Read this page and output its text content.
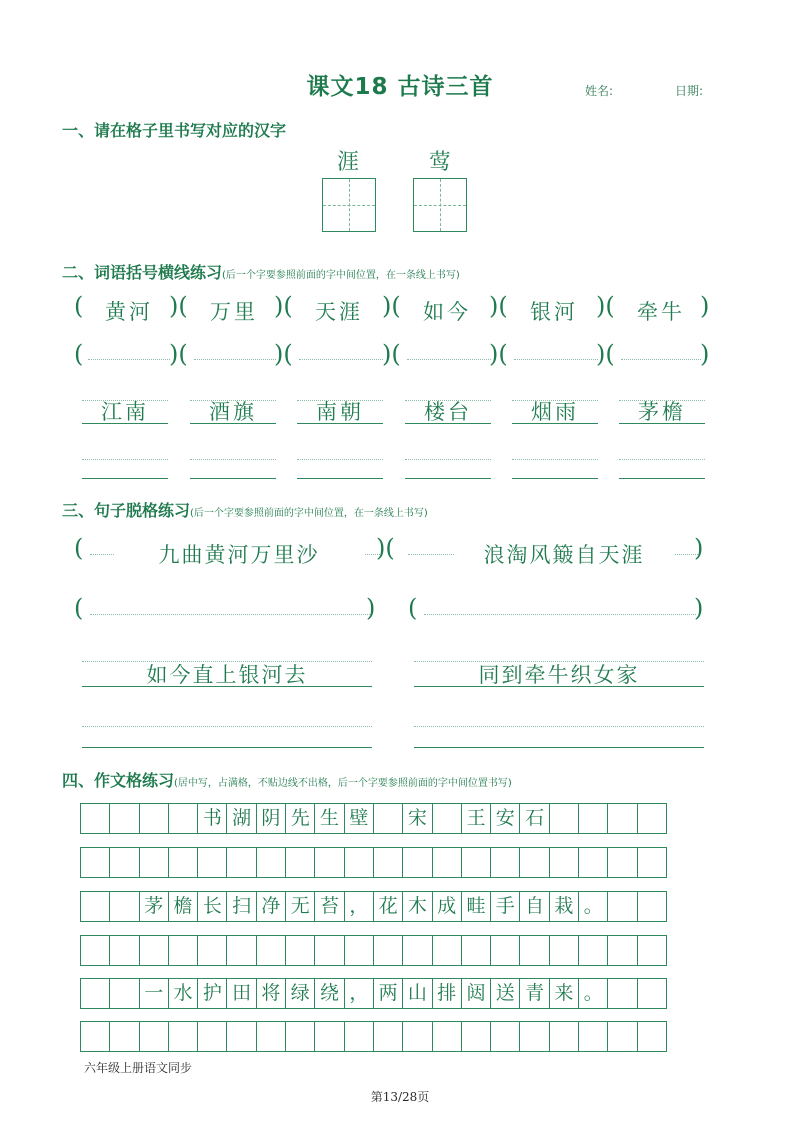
课文18 古诗三首	姓名:	日期:
一、请在格子里书写对应的汉字
涯	莺
二、词语括号横线练习(后一个字要参照前面的字中间位置，在一条线上书写)
(	黄河 )(	万里 )(	天涯 )(	如今 )(	银河 )(	牵牛 )
(	)(	)(	)(	)(	)(	)
江南	酒旗	南朝	楼台	烟雨	茅檐
三、句子脱格练习(后一个字要参照前面的字中间位置，在一条线上书写)
(	九曲黄河万里沙	)(	浪淘风簸自天涯	)
(	) (	)
如今直上银河去	同到牵牛织女家
四、作文格练习(居中写，占满格，不贴边线不出格，后一个字要参照前面的字中间位置书写)
书 湖 阴 先 生 壁 宋 王 安 石
茅 檐 长 扫 净 无 苔 ， 花 木 成 畦 手 自 栽 。
一 水 护 田 将 绿 绕 ， 两 山 排 闼 送 青 来 。
六年级上册语文同步
第13/28页
